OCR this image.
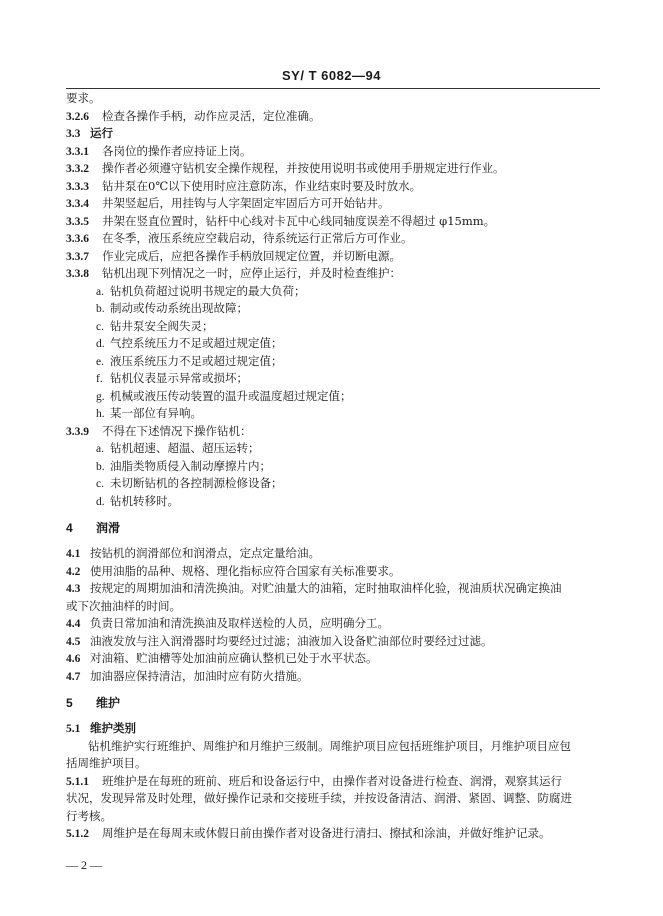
SY/ T 6082—94
要求。
3.2.6 检查各操作手柄，动作应灵活，定位准确。
3.3 运行
3.3.1 各岗位的操作者应持证上岗。
3.3.2 操作者必须遵守钻机安全操作规程，并按使用说明书或使用手册规定进行作业。
3.3.3 钻井泵在0℃以下使用时应注意防冻，作业结束时要及时放水。
3.3.4 井架竖起后，用挂钩与人字架固定牢固后方可开始钻井。
3.3.5 井架在竖直位置时，钻杆中心线对卡瓦中心线同轴度误差不得超过 φ15mm。
3.3.6 在冬季，液压系统应空载启动，待系统运行正常后方可作业。
3.3.7 作业完成后，应把各操作手柄放回规定位置，并切断电源。
3.3.8 钻机出现下列情况之一时，应停止运行，并及时检查维护：
a. 钻机负荷超过说明书规定的最大负荷；
b. 制动或传动系统出现故障；
c. 钻井泵安全阀失灵；
d. 气控系统压力不足或超过规定值；
e. 液压系统压力不足或超过规定值；
f. 钻机仪表显示异常或损坏；
g. 机械或液压传动装置的温升或温度超过规定值；
h. 某一部位有异响。
3.3.9 不得在下述情况下操作钻机：
a. 钻机超速、超温、超压运转；
b. 油脂类物质侵入制动摩擦片内；
c. 未切断钻机的各控制源检修设备；
d. 钻机转移时。
4 润滑
4.1 按钻机的润滑部位和润滑点，定点定量给油。
4.2 使用油脂的品种、规格、理化指标应符合国家有关标准要求。
4.3 按规定的周期加油和清洗换油。对贮油量大的油箱，定时抽取油样化验，视油质状况确定换油
或下次抽油样的时间。
4.4 负责日常加油和清洗换油及取样送检的人员，应明确分工。
4.5 油液发放与注入润滑器时均要经过过滤；油液加入设备贮油部位时要经过过滤。
4.6 对油箱、贮油槽等处加油前应确认整机已处于水平状态。
4.7 加油器应保持清洁，加油时应有防火措施。
5 维护
5.1 维护类别
钻机维护实行班维护、周维护和月维护三级制。周维护项目应包括班维护项目，月维护项目应包
括周维护项目。
5.1.1 班维护是在每班的班前、班后和设备运行中，由操作者对设备进行检查、润滑，观察其运行
状况，发现异常及时处理，做好操作记录和交接班手续，并按设备清洁、润滑、紧固、调整、防腐进
行考核。
5.1.2 周维护是在每周末或休假日前由操作者对设备进行清扫、擦拭和涂油，并做好维护记录。
— 2 —
